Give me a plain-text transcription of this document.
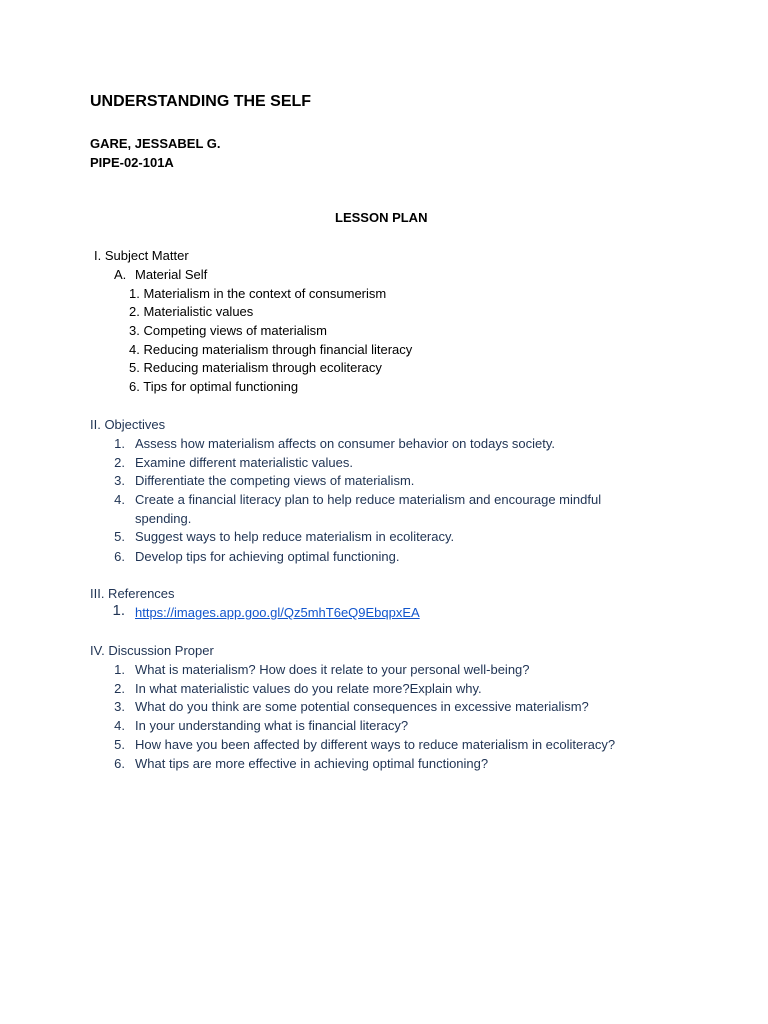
UNDERSTANDING THE SELF
GARE, JESSABEL G.
PIPE-02-101A
LESSON PLAN
I. Subject Matter
A. Material Self
1. Materialism in the context of consumerism
2. Materialistic values
3. Competing views of materialism
4. Reducing materialism through financial literacy
5. Reducing materialism through ecoliteracy
6. Tips for optimal functioning
II. Objectives
1. Assess how materialism affects on consumer behavior on todays society.
2. Examine different materialistic values.
3. Differentiate the competing views of materialism.
4. Create a financial literacy plan to help reduce materialism and encourage mindful
spending.
5. Suggest ways to help reduce materialism in ecoliteracy.
6. Develop tips for achieving optimal functioning.
III. References
1. https://images.app.goo.gl/Qz5mhT6eQ9EbqpxEA
IV. Discussion Proper
1. What is materialism? How does it relate to your personal well-being?
2. In what materialistic values do you relate more?Explain why.
3. What do you think are some potential consequences in excessive materialism?
4. In your understanding what is financial literacy?
5. How have you been affected by different ways to reduce materialism in ecoliteracy?
6. What tips are more effective in achieving optimal functioning?
